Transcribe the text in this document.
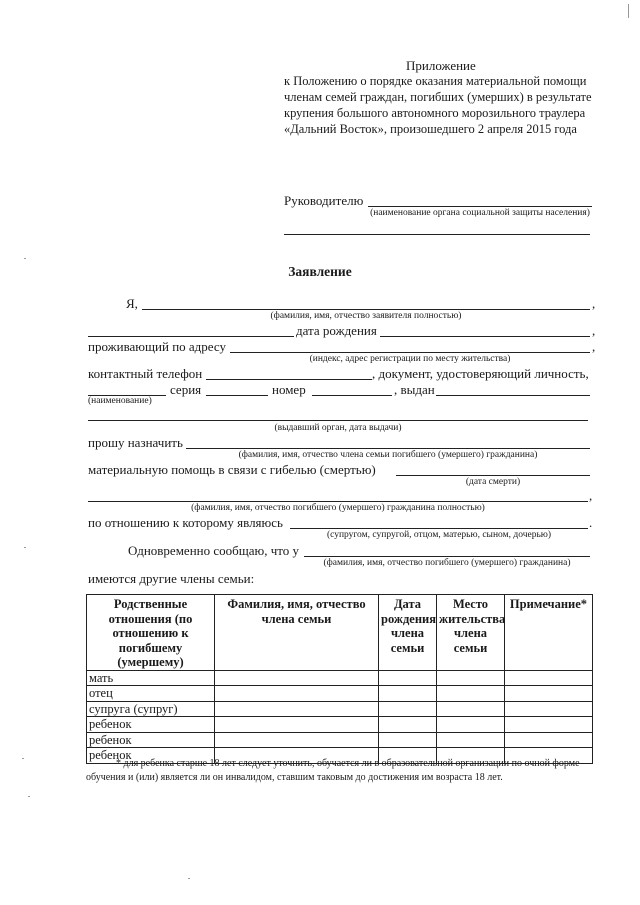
Приложение
к Положению о порядке оказания материальной помощи
членам семей граждан, погибших (умерших) в результате
крупения большого автономного морозильного траулера
«Дальний Восток», произошедшего 2 апреля 2015 года
Руководителю
(наименование органа социальной защиты населения)
Заявление
Я,	,
(фамилия, имя, отчество заявителя полностью)
дата рождения	,
проживающий по адресу	,
(индекс, адрес регистрации по месту жительства)
контактный телефон	, документ, удостоверяющий личность,
серия	номер	, выдан
(наименование)
(выдавший орган, дата выдачи)
прошу назначить
(фамилия, имя, отчество члена семьи погибшего (умершего) гражданина)
материальную помощь в связи с гибелью (смертью)
(дата смерти)
,
(фамилия, имя, отчество погибшего (умершего) гражданина полностью)
по отношению к которому являюсь	.
(супругом, супругой, отцом, матерью, сыном, дочерью)
Одновременно сообщаю, что у
(фамилия, имя, отчество погибшего (умершего) гражданина)
имеются другие члены семьи:
Родственные отношения (по отношению к погибшему (умершему)	Фамилия, имя, отчество члена семьи	Дата рождения члена семьи	Место жительства члена семьи	Примечание*
мать				
отец				
супруга (супруг)				
ребенок				
ребенок				
ребенок				
* для ребенка старше 18 лет следует уточнить, обучается ли в образовательной организации по очной форме обучения и (или) является ли он инвалидом, ставшим таковым до достижения им возраста 18 лет.
